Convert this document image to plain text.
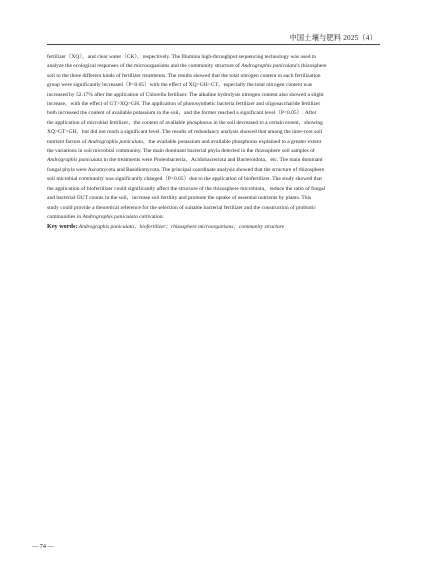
中国土壤与肥料 2025（4）
fertilizer（XQ），and clear water（CK），respectively. The Illumina high-throughput sequencing technology was used to
analyze the ecological responses of the microorganisms and the community structure of Andrographis paniculata's rhizosphere
soil to the three different kinds of fertilizer treatments. The results showed that the total nitrogen content in each fertilization
group were significantly increased（P<0.05）with the effect of XQ>GH>GT，especially the total nitrogen content was
increased by 52.17% after the application of Chlorella fertilizer. The alkaline hydrolysis nitrogen content also showed a slight
increase，with the effect of GT>XQ>GH. The application of photosynthetic bacteria fertilizer and oligosaccharide fertilizer
both increased the content of available potassium in the soil，and the former reached a significant level（P<0.05）. After
the application of microbial fertilizer，the content of available phosphorus in the soil decreased to a certain extent，showing
XQ>GT>GH，but did not reach a significant level. The results of redundancy analysis showed that among the inter-root soil
nutrient factors of Andrographis paniculata，the available potassium and available phosphorus explained to a greater extent
the variations in soil microbial community. The main dominant bacterial phyla detected in the rhizosphere soil samples of
Andrographis paniculata in the treatments were Proteobacteria，Acidobacteriota and Bacteroidota，etc. The main dominant
fungal phyla were Ascomycota and Basidiomycota. The principal coordinate analysis showed that the structure of rhizosphere
soil microbial community was significantly changed（P<0.05）due to the application of biofertilizer. The study showed that
the application of biofertilizer could significantly affect the structure of the rhizosphere microbiota，reduce the ratio of fungal
and bacterial OUT counts in the soil，increase soil fertility and promote the uptake of essential nutrients by plants. This
study could provide a theoretical reference for the selection of suitable bacterial fertilizer and the construction of probiotic
communities in Andrographis paniculata cultivation.
Key words: Andrographis paniculata；biofertilizer；rhizosphere microorganisms；community structure
— 74 —
